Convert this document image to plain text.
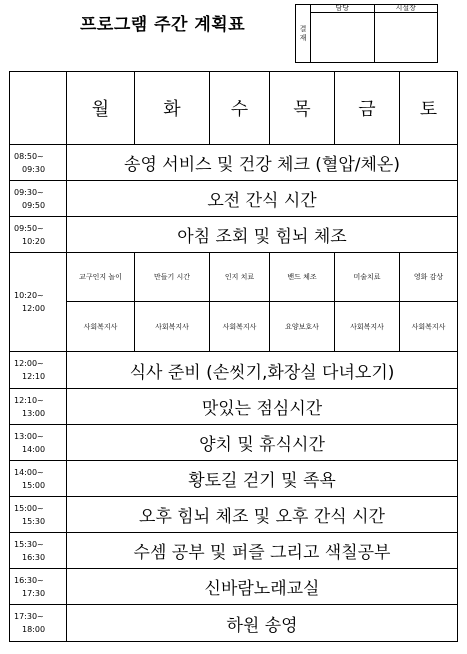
프로그램 주간 계획표	결
재	담당	시설장

	월	화	수	목	금	토

08:50~
09:30	송영 서비스 및 건강 체크 (혈압/체온)					

09:30~
09:50	오전 간식 시간					

09:50~
10:20	아침 조회 및 힘뇌 체조					

10:20~
12:00	교구인지 놀이	만들기 시간	인지 치료	밴드 체조	미술치료	영화 감상
	사회복지사	사회복지사	사회복지사	요양보호사	사회복지사	사회복지사

12:00~
12:10	식사 준비 (손씻기,화장실 다녀오기)					

12:10~
13:00	맛있는 점심시간					

13:00~
14:00	양치 및 휴식시간					

14:00~
15:00	황토길 걷기 및 족욕					

15:00~
15:30	오후 힘뇌 체조 및 오후 간식 시간					

15:30~
16:30	수셈 공부 및 퍼즐 그리고 색칠공부					

16:30~
17:30	신바람노래교실					

17:30~
18:00	하원 송영					
